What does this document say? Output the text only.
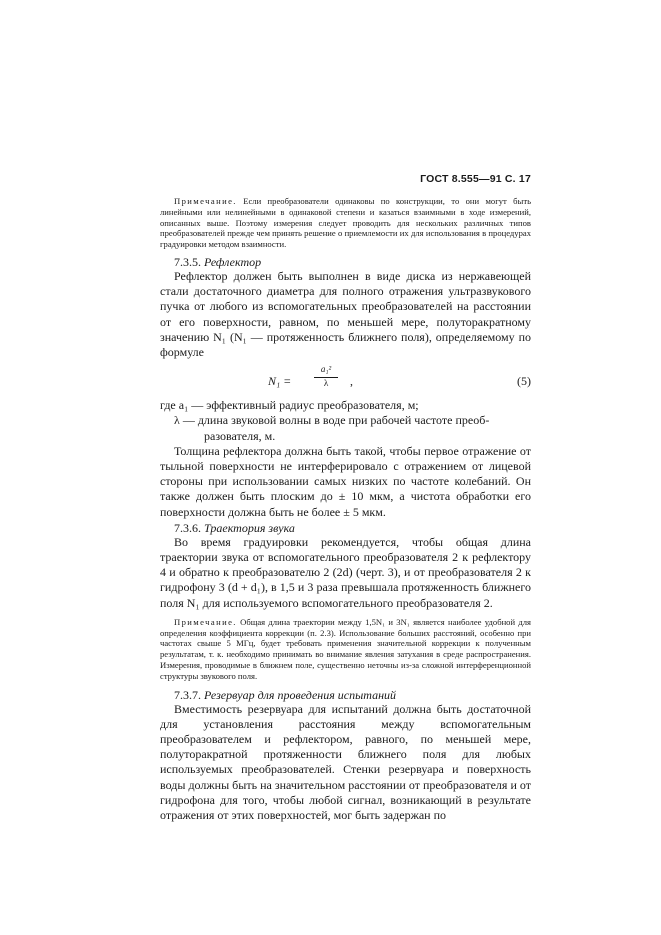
ГОСТ 8.555—91 С. 17

Примечание. Если преобразователи одинаковы по конструкции, то они могут быть линейными или нелинейными в одинаковой степени и казаться взаимными в ходе измерений, описанных выше. Поэтому измерения следует проводить для нескольких различных типов преобразователей прежде чем принять решение о приемлемости их для использования в процедурах градуировки методом взаимности.

7.3.5. Рефлектор

Рефлектор должен быть выполнен в виде диска из нержавеющей стали достаточного диаметра для полного отражения ультразвукового пучка от любого из вспомогательных преобразователей на расстоянии от его поверхности, равном, по меньшей мере, полуторакратному значению N₁ (N₁ — протяженность ближнего поля), определяемому по формуле

N₁ =
a₁²
λ	,	(5)

где a₁ — эффективный радиус преобразователя, м;

λ — длина звуковой волны в воде при рабочей частоте преоб-

разователя, м.

Толщина рефлектора должна быть такой, чтобы первое отражение от тыльной поверхности не интерферировало с отражением от лицевой стороны при использовании самых низких по частоте колебаний. Он также должен быть плоским до ± 10 мкм, а чистота обработки его поверхности должна быть не более ± 5 мкм.

7.3.6. Траектория звука

Во время градуировки рекомендуется, чтобы общая длина траектории звука от вспомогательного преобразователя 2 к рефлектору 4 и обратно к преобразователю 2 (2d) (черт. 3), и от преобразователя 2 к гидрофону 3 (d + d₁), в 1,5 и 3 раза превышала протяженность ближнего поля N₁ для используемого вспомогательного преобразователя 2.

Примечание. Общая длина траектории между 1,5N₁ и 3N₁ является наиболее удобной для определения коэффициента коррекции (п. 2.3). Использование больших расстояний, особенно при частотах свыше 5 МГц, будет требовать применения значительной коррекции к полученным результатам, т. к. необходимо принимать во внимание явления затухания в среде распространения. Измерения, проводимые в ближнем поле, существенно неточны из-за сложной интерференционной структуры звукового поля.

7.3.7. Резервуар для проведения испытаний

Вместимость резервуара для испытаний должна быть достаточной для установления расстояния между вспомогательным преобразователем и рефлектором, равного, по меньшей мере, полуторакратной протяженности ближнего поля для любых используемых преобразователей. Стенки резервуара и поверхность воды должны быть на значительном расстоянии от преобразователя и от гидрофона для того, чтобы любой сигнал, возникающий в результате отражения от этих поверхностей, мог быть задержан по
